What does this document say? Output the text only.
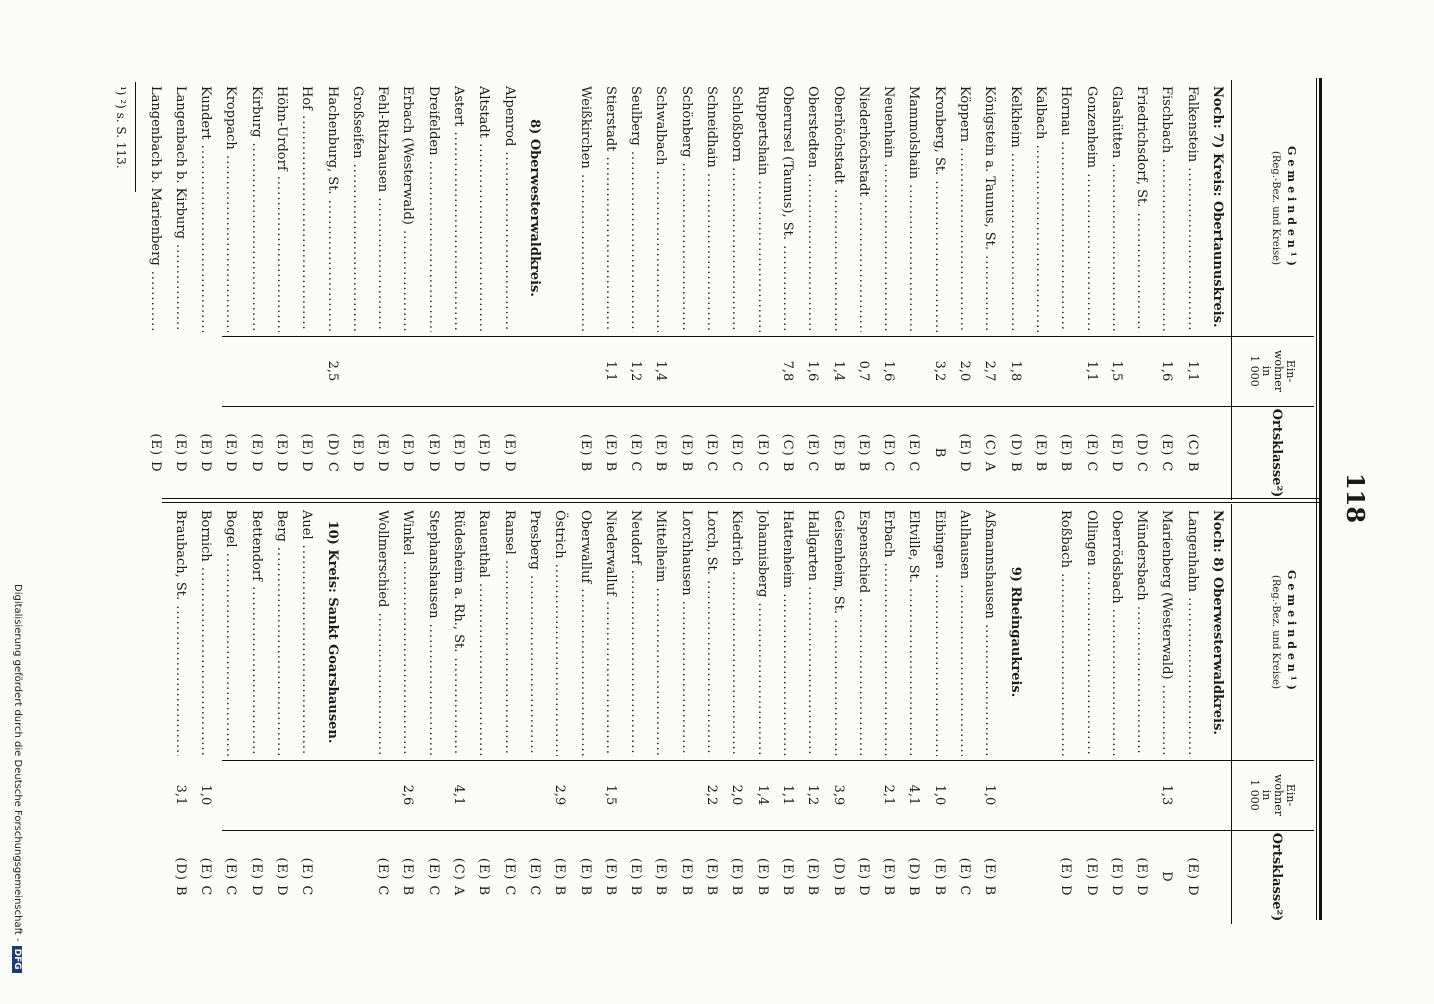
118
Gemeinden¹)
(Reg.-Bez. und Kreise)
Ein-
wohner
in
1 000
Ortsklasse²)
Noch: 7) Kreis: Obertaunuskreis.
Falkenstein .....
1,1
(C) B
Fischbach .....
1,6
(E) C
Friedrichsdorf, St. .....
(D) C
Glashütten .....
1,5
(E) D
Gonzenheim .....
1,1
(E) C
Hornau .....
(E) B
Kalbach .....
(E) B
Kelkheim .....
1,8
(D) B
Königstein a. Taunus, St. .....
2,7
(C) A
Köppern .....
2,0
(E) D
Kronberg, St. .....
3,2
B
Mammolshain .....
(E) C
Neuenhain .....
1,6
(E) C
Niederhöchstadt .....
0,7
(E) B
Oberhöchstadt .....
1,4
(E) B
Oberstedten .....
1,6
(E) C
Oberursel (Taunus), St. .....
7,8
(C) B
Ruppertshain .....
(E) C
Schloßborn .....
(E) C
Schneidhain .....
(E) C
Schönberg .....
(E) B
Schwalbach .....
1,4
(E) B
Seulberg .....
1,2
(E) C
Stierstadt .....
1,1
(E) B
Weißkirchen .....
(E) B
8) Oberwesterwaldkreis.
Alpenrod .....
(E) D
Altstadt .....
(E) D
Astert .....
(E) D
Dreifelden .....
(E) D
Erbach (Westerwald) .....
(E) D
Fehl-Ritzhausen .....
(E) D
Großseifen .....
(E) D
Hachenburg, St. .....
2,5
(D) C
Hof .....
(E) D
Höhn-Urdorf .....
(E) D
Kirburg .....
(E) D
Kroppach .....
(E) D
Kundert .....
(E) D
Langenbach b. Kirburg .....
(E) D
Langenbach b. Marienberg .....
(E) D
Gemeinden¹)
(Reg.-Bez. und Kreise)
Ein-
wohner
in
1 000
Ortsklasse²)
Noch: 8) Oberwesterwaldkreis.
Langenhahn .....
(E) D
Marienberg (Westerwald) .....
1,3
D
Mündersbach .....
(E) D
Oberrödsbach .....
(E) D
Ollingen .....
(E) D
Roßbach .....
(E) D
9) Rheingaukreis.
Aßmannshausen .....
1,0
(E) B
Aulhausen .....
(E) C
Eibingen .....
1,0
(E) B
Eltville, St. .....
4,1
(D) B
Erbach .....
2,1
(E) B
Espenschied .....
(E) D
Geisenheim, St. .....
3,9
(D) B
Hallgarten .....
1,2
(E) B
Hattenheim .....
1,1
(E) B
Johannisberg .....
1,4
(E) B
Kiedrich .....
2,0
(E) B
Lorch, St. .....
2,2
(E) B
Lorchhausen .....
(E) B
Mittelheim .....
(E) B
Neudorf .....
(E) B
Niederwalluf .....
1,5
(E) B
Oberwalluf .....
(E) B
Östrich .....
2,9
(E) B
Presberg .....
(E) C
Ransel .....
(E) C
Rauenthal .....
(E) B
Rüdesheim a. Rh., St. .....
4,1
(C) A
Stephanshausen .....
(E) C
Winkel .....
2,6
(E) B
Wollmerschied .....
(E) C
10) Kreis: Sankt Goarshausen.
Auel .....
(E) C
Berg .....
(E) D
Bettendorf .....
(E) D
Bogel .....
(E) C
Bornich .....
1,0
(E) C
Braubach, St. .....
3,1
(D) B
¹) ²) s. S. 113.
Digitalisierung gefördert durch die Deutsche Forschungsgemeinschaft -DFG
